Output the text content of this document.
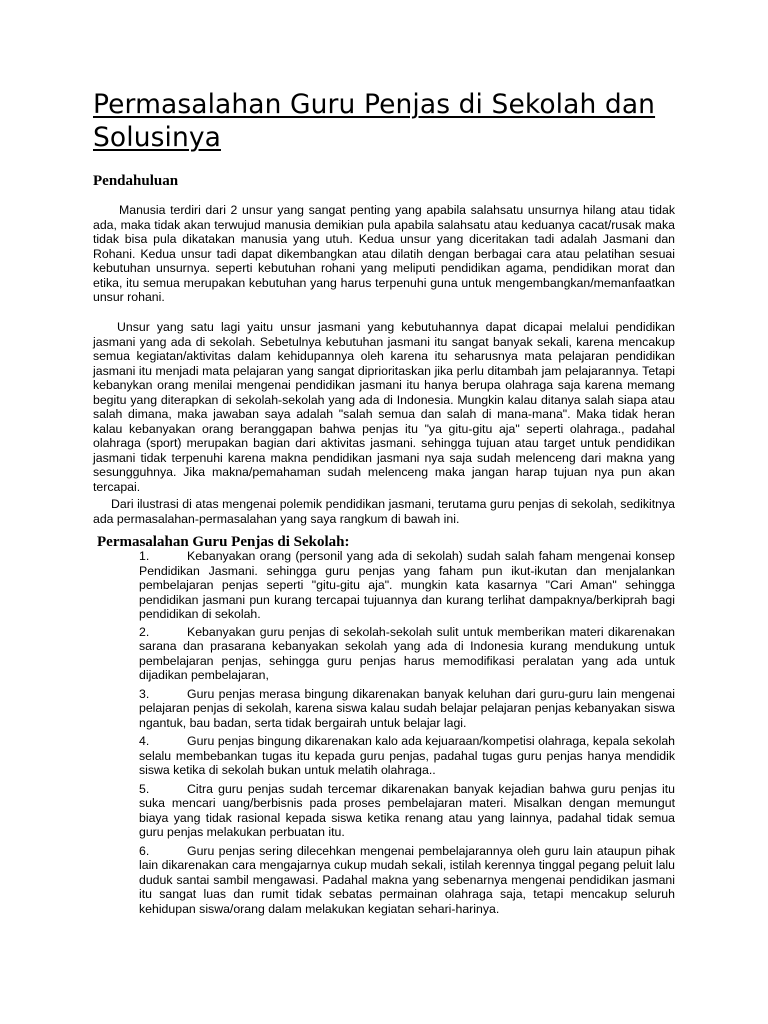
Permasalahan Guru Penjas di Sekolah dan Solusinya
Pendahuluan

Manusia terdiri dari 2 unsur yang sangat penting yang apabila salahsatu unsurnya hilang atau tidak ada, maka tidak akan terwujud manusia demikian pula apabila salahsatu atau keduanya cacat/rusak maka tidak bisa pula dikatakan manusia yang utuh. Kedua unsur yang diceritakan tadi adalah Jasmani dan Rohani. Kedua unsur tadi dapat dikembangkan atau dilatih dengan berbagai cara atau pelatihan sesuai kebutuhan unsurnya. seperti kebutuhan rohani yang meliputi pendidikan agama, pendidikan morat dan etika, itu semua merupakan kebutuhan yang harus terpenuhi guna untuk mengembangkan/memanfaatkan unsur rohani.

Unsur yang satu lagi yaitu unsur jasmani yang kebutuhannya dapat dicapai melalui pendidikan jasmani yang ada di sekolah. Sebetulnya kebutuhan jasmani itu sangat banyak sekali, karena mencakup semua kegiatan/aktivitas dalam kehidupannya oleh karena itu seharusnya mata pelajaran pendidikan jasmani itu menjadi mata pelajaran yang sangat diprioritaskan jika perlu ditambah jam pelajarannya. Tetapi kebanykan orang menilai mengenai pendidikan jasmani itu hanya berupa olahraga saja karena memang begitu yang diterapkan di sekolah-sekolah yang ada di Indonesia. Mungkin kalau ditanya salah siapa atau salah dimana, maka jawaban saya adalah "salah semua dan salah di mana-mana". Maka tidak heran kalau kebanyakan orang beranggapan bahwa penjas itu "ya gitu-gitu aja" seperti olahraga., padahal olahraga (sport) merupakan bagian dari aktivitas jasmani. sehingga tujuan atau target untuk pendidikan jasmani tidak terpenuhi karena makna pendidikan jasmani nya saja sudah melenceng dari makna yang sesungguhnya. Jika makna/pemahaman sudah melenceng maka jangan harap tujuan nya pun akan tercapai.

Dari ilustrasi di atas mengenai polemik pendidikan jasmani, terutama guru penjas di sekolah, sedikitnya ada permasalahan-permasalahan yang saya rangkum di bawah ini.

Permasalahan Guru Penjas di Sekolah:
1.	Kebanyakan orang (personil yang ada di sekolah) sudah salah faham mengenai konsep Pendidikan Jasmani. sehingga guru penjas yang faham pun ikut-ikutan dan menjalankan pembelajaran penjas seperti "gitu-gitu aja". mungkin kata kasarnya "Cari Aman" sehingga pendidikan jasmani pun kurang tercapai tujuannya dan kurang terlihat dampaknya/berkiprah bagi pendidikan di sekolah.
2.	Kebanyakan guru penjas di sekolah-sekolah sulit untuk memberikan materi dikarenakan sarana dan prasarana kebanyakan sekolah yang ada di Indonesia kurang mendukung untuk pembelajaran penjas, sehingga guru penjas harus memodifikasi peralatan yang ada untuk dijadikan pembelajaran,
3.	Guru penjas merasa bingung dikarenakan banyak keluhan dari guru-guru lain mengenai pelajaran penjas di sekolah, karena siswa kalau sudah belajar pelajaran penjas kebanyakan siswa ngantuk, bau badan, serta tidak bergairah untuk belajar lagi.
4.	Guru penjas bingung dikarenakan kalo ada kejuaraan/kompetisi olahraga, kepala sekolah selalu membebankan tugas itu kepada guru penjas, padahal tugas guru penjas hanya mendidik siswa ketika di sekolah bukan untuk melatih olahraga..
5.	Citra guru penjas sudah tercemar dikarenakan banyak kejadian bahwa guru penjas itu suka mencari uang/berbisnis pada proses pembelajaran materi. Misalkan dengan memungut biaya yang tidak rasional kepada siswa ketika renang atau yang lainnya, padahal tidak semua guru penjas melakukan perbuatan itu.
6.	Guru penjas sering dilecehkan mengenai pembelajarannya oleh guru lain ataupun pihak lain dikarenakan cara mengajarnya cukup mudah sekali, istilah kerennya tinggal pegang peluit lalu duduk santai sambil mengawasi. Padahal makna yang sebenarnya mengenai pendidikan jasmani itu sangat luas dan rumit tidak sebatas permainan olahraga saja, tetapi mencakup seluruh kehidupan siswa/orang dalam melakukan kegiatan sehari-harinya.
